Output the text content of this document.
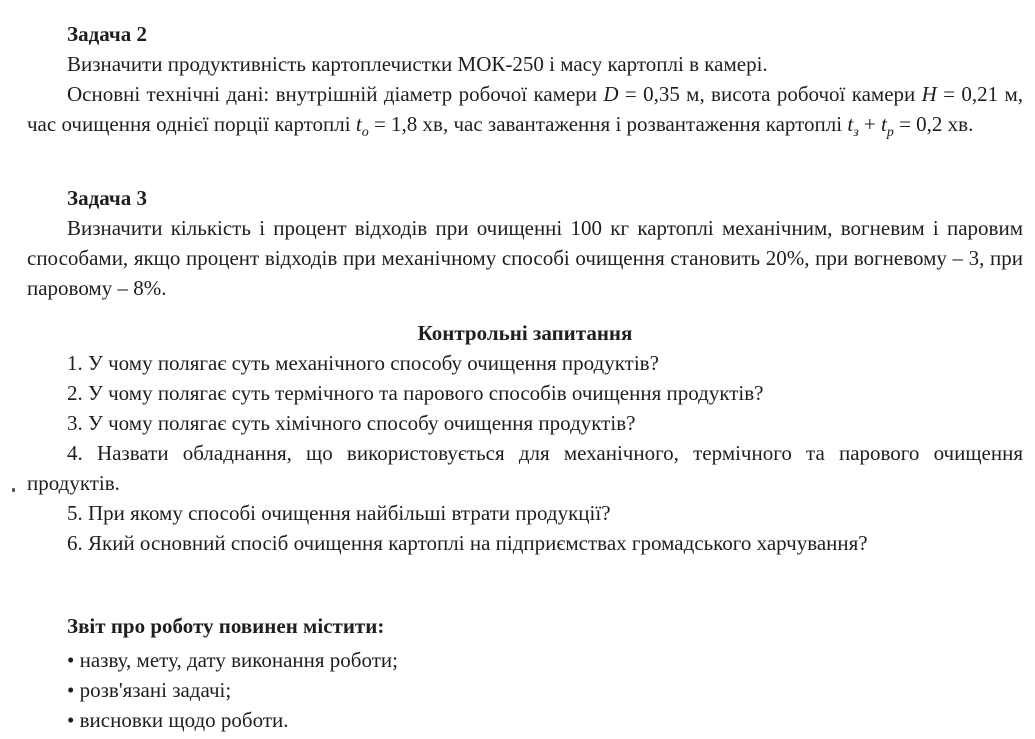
Задача 2

Визначити продуктивність картоплечистки МОК-250 і масу картоплі в камері.

Основні технічні дані: внутрішній діаметр робочої камери D = 0,35 м, висота робочої камери H = 0,21 м, час очищення однієї порції картоплі $t_о = 1,8$ хв, час завантаження і розвантаження картоплі $t_з + t_р = 0,2$ хв.

Задача 3

Визначити кількість і процент відходів при очищенні 100 кг картоплі механічним, вогневим і паровим способами, якщо процент відходів при механічному способі очищення становить 20%, при вогневому – 3, при паровому – 8%.

Контрольні запитання

1. У чому полягає суть механічного способу очищення продуктів?

2. У чому полягає суть термічного та парового способів очищення продуктів?

3. У чому полягає суть хімічного способу очищення продуктів?

4. Назвати обладнання, що використовується для механічного, термічного та парового очищення продуктів.

5. При якому способі очищення найбільші втрати продукції?

6. Який основний спосіб очищення картоплі на підприємствах громадського харчування?

Звіт про роботу повинен містити:

• назву, мету, дату виконання роботи;

• розв'язані задачі;

• висновки щодо роботи.
